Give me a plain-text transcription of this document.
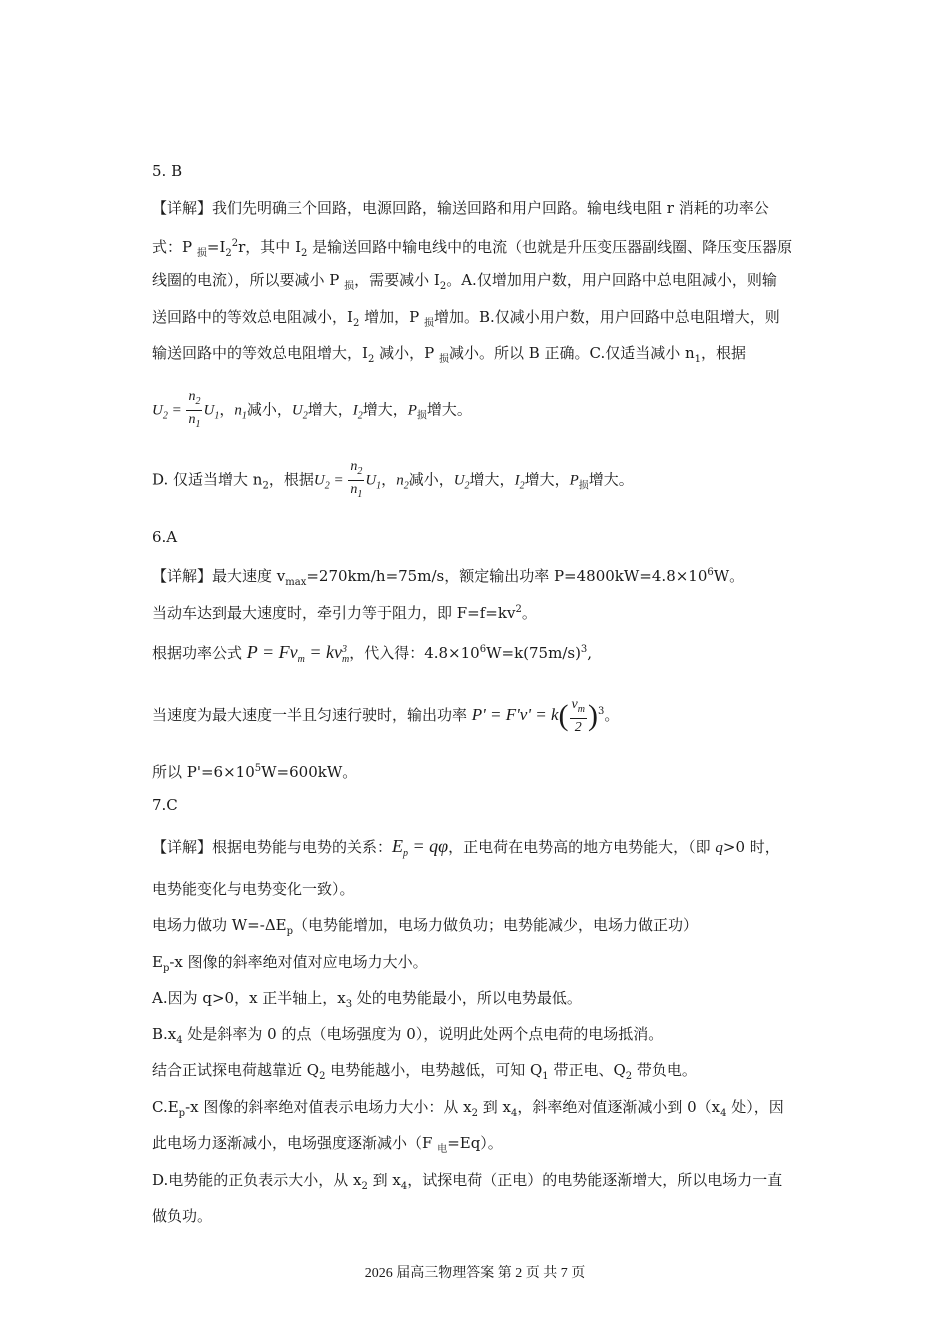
5. B
【详解】我们先明确三个回路，电源回路，输送回路和用户回路。输电线电阻 r 消耗的功率公
式：P $_损=I_2^2r$，其中 $I_2$ 是输送回路中输电线中的电流（也就是升压变压器副线圈、降压变压器原
线圈的电流），所以要减小 P $_损$，需要减小 $I_2$。A.仅增加用户数，用户回路中总电阻减小，则输
送回路中的等效总电阻减小，$I_2$ 增加，P $_损$增加。B.仅减小用户数，用户回路中总电阻增大，则
输送回路中的等效总电阻增大，$I_2$ 减小，P $_损$减小。所以 B 正确。C.仅适当减小 $n_1$，根据
$U_2 = \frac{n_2}{n_1} U_1$，$n_1$减小，$U_2$增大，$I_2$增大，$P_损$增大。
D. 仅适当增大 $n_2$，根据$U_2 = \frac{n_2}{n_1} U_1$，$n_2$减小，$U_2$增大，$I_2$增大，$P_损$增大。
6.A
【详解】最大速度 $v_{max}=270km/h=75m/s$，额定输出功率 $P=4800kW=4.8\times 10^6W$。
当动车达到最大速度时，牵引力等于阻力，即 $F=f=kv^2$。
根据功率公式 $P = Fv_m = kv^3_m$，代入得：$4.8\times 10^6W=k(75m/s)^3$,
当速度为最大速度一半且匀速行驶时，输出功率 $P' = F'v' = k( \frac{v_m}{2} )^3$。
所以 $P'=6\times 10^5W=600kW$。
7.C
【详解】根据电势能与电势的关系：$E_p = q\varphi$，正电荷在电势高的地方电势能大，（即 q>0 时，
电势能变化与电势变化一致）。
电场力做功 $W=-\Delta E_p$（电势能增加，电场力做负功；电势能减少，电场力做正功）
$E_p-x$ 图像的斜率绝对值对应电场力大小。
A.因为 q>0，x 正半轴上，$x_3$ 处的电势能最小，所以电势最低。
$B.x_4$ 处是斜率为 0 的点（电场强度为 0），说明此处两个点电荷的电场抵消。
结合正试探电荷越靠近 $Q_2$ 电势能越小，电势越低，可知 $Q_1$ 带正电、$Q_2$ 带负电。
$C.E_p-x$ 图像的斜率绝对值表示电场力大小：从 $x_2$ 到 $x_4$，斜率绝对值逐渐减小到 $0(x_4$ 处），因
此电场力逐渐减小，电场强度逐渐减小（F $_电$=Eq）。
D.电势能的正负表示大小，从 $x_2$ 到 $x_4$，试探电荷（正电）的电势能逐渐增大，所以电场力一直
做负功。
2026 届高三物理答案 第 2 页 共 7 页
